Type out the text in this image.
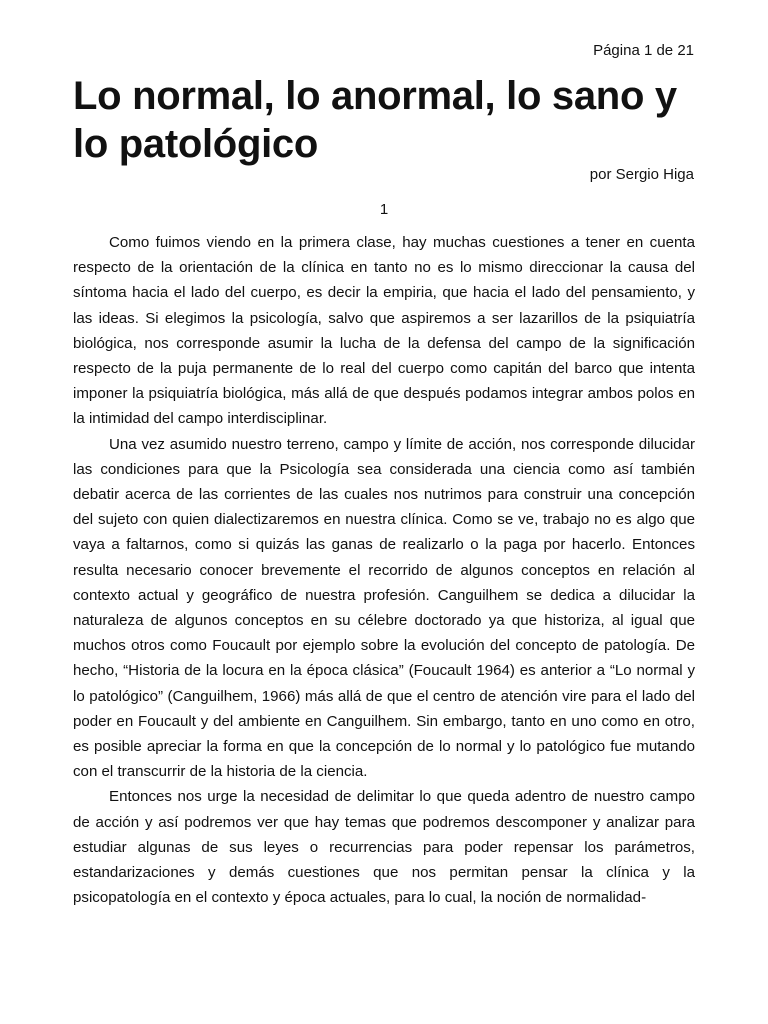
Página 1 de 21

Lo normal, lo anormal, lo sano y lo patológico

por Sergio Higa

1

Como fuimos viendo en la primera clase, hay muchas cuestiones a tener en cuenta respecto de la orientación de la clínica en tanto no es lo mismo direccionar la causa del síntoma hacia el lado del cuerpo, es decir la empiria, que hacia el lado del pensamiento, y las ideas. Si elegimos la psicología, salvo que aspiremos a ser lazarillos de la psiquiatría biológica, nos corresponde asumir la lucha de la defensa del campo de la significación respecto de la puja permanente de lo real del cuerpo como capitán del barco que intenta imponer la psiquiatría biológica, más allá de que después podamos integrar ambos polos en la intimidad del campo interdisciplinar.

Una vez asumido nuestro terreno, campo y límite de acción, nos corresponde dilucidar las condiciones para que la Psicología sea considerada una ciencia como así también debatir acerca de las corrientes de las cuales nos nutrimos para construir una concepción del sujeto con quien dialectizaremos en nuestra clínica. Como se ve, trabajo no es algo que vaya a faltarnos, como si quizás las ganas de realizarlo o la paga por hacerlo. Entonces resulta necesario conocer brevemente el recorrido de algunos conceptos en relación al contexto actual y geográfico de nuestra profesión. Canguilhem se dedica a dilucidar la naturaleza de algunos conceptos en su célebre doctorado ya que historiza, al igual que muchos otros como Foucault por ejemplo sobre la evolución del concepto de patología. De hecho, “Historia de la locura en la época clásica” (Foucault 1964) es anterior a “Lo normal y lo patológico” (Canguilhem, 1966) más allá de que el centro de atención vire para el lado del poder en Foucault y del ambiente en Canguilhem. Sin embargo, tanto en uno como en otro, es posible apreciar la forma en que la concepción de lo normal y lo patológico fue mutando con el transcurrir de la historia de la ciencia.

Entonces nos urge la necesidad de delimitar lo que queda adentro de nuestro campo de acción y así podremos ver que hay temas que podremos descomponer y analizar para estudiar algunas de sus leyes o recurrencias para poder repensar los parámetros, estandarizaciones y demás cuestiones que nos permitan pensar la clínica y la psicopatología en el contexto y época actuales, para lo cual, la noción de normalidad-
